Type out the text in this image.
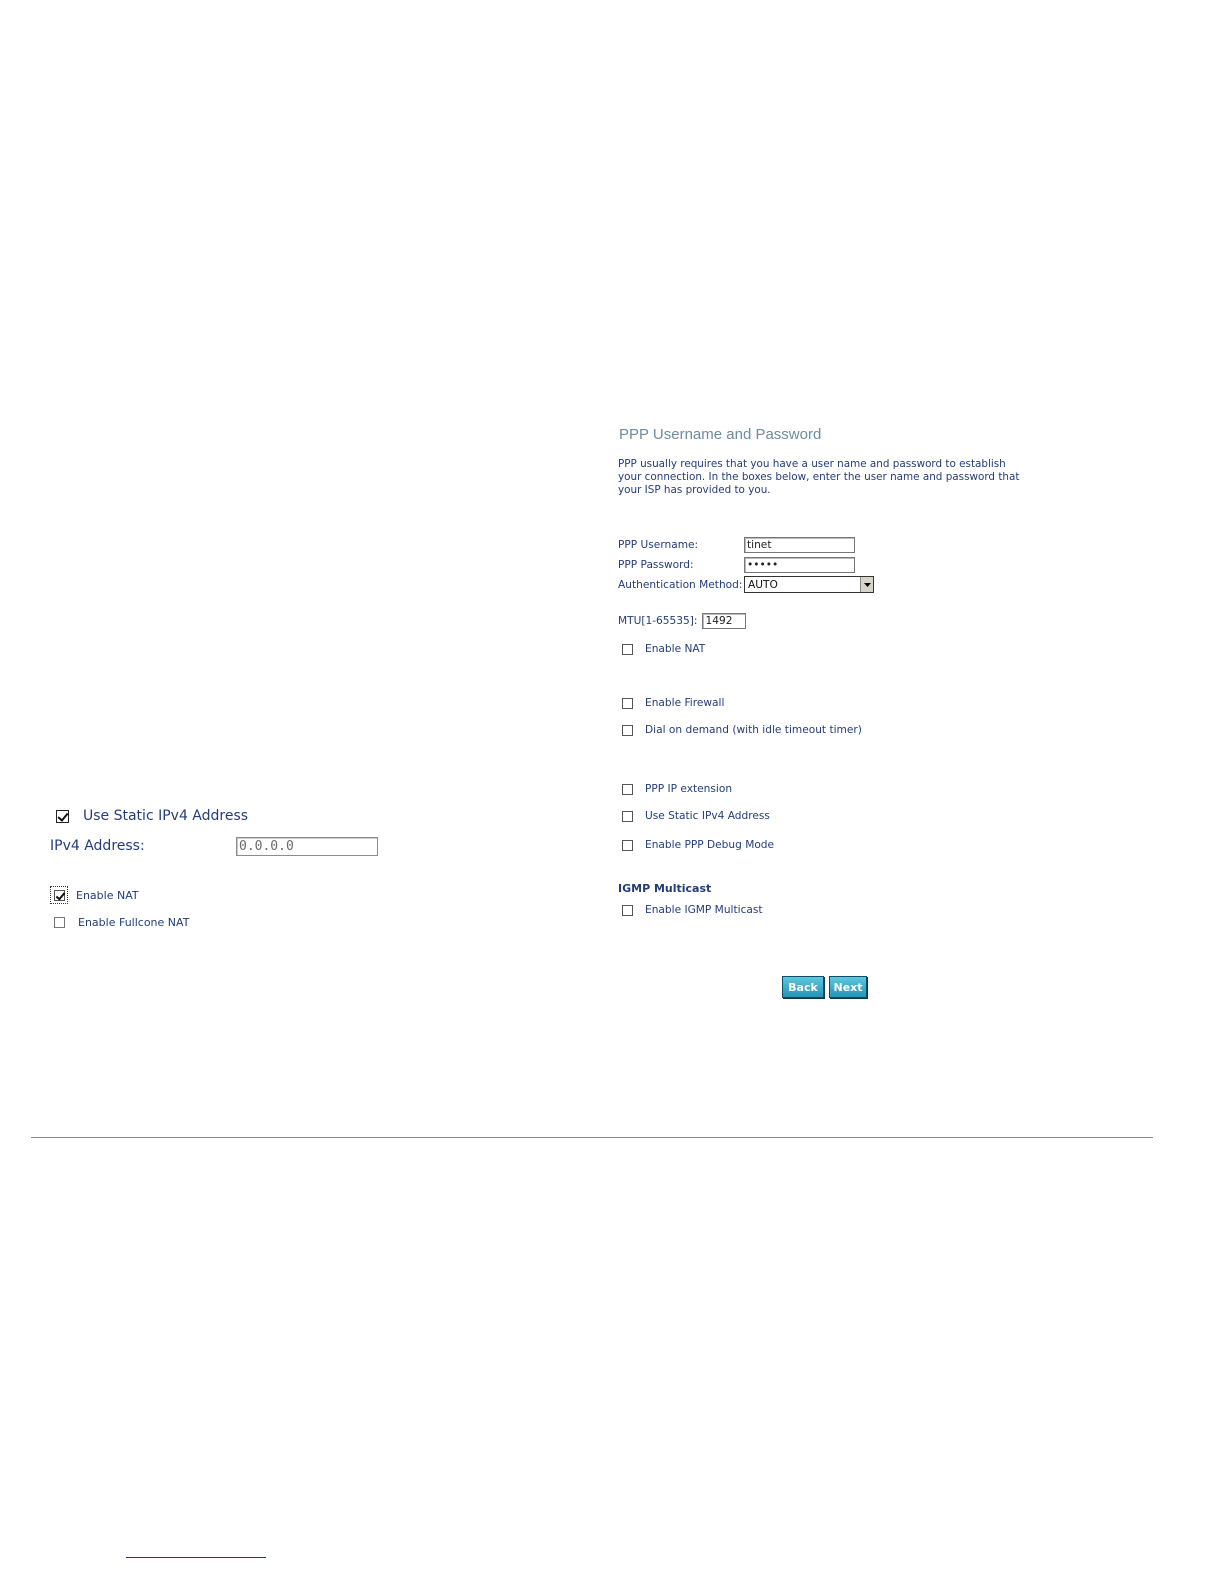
Use Static IPv4 Address
IPv4 Address:
0.0.0.0
Enable NAT
Enable Fullcone NAT
PPP Username and Password
PPP usually requires that you have a user name and password to establish your connection. In the boxes below, enter the user name and password that your ISP has provided to you.
PPP Username:
tinet
PPP Password:
•••••
Authentication Method: AUTO
MTU[1-65535]:
1492
Enable NAT
Enable Firewall
Dial on demand (with idle timeout timer)
PPP IP extension
Use Static IPv4 Address
Enable PPP Debug Mode
IGMP Multicast
Enable IGMP Multicast
Back	Next
